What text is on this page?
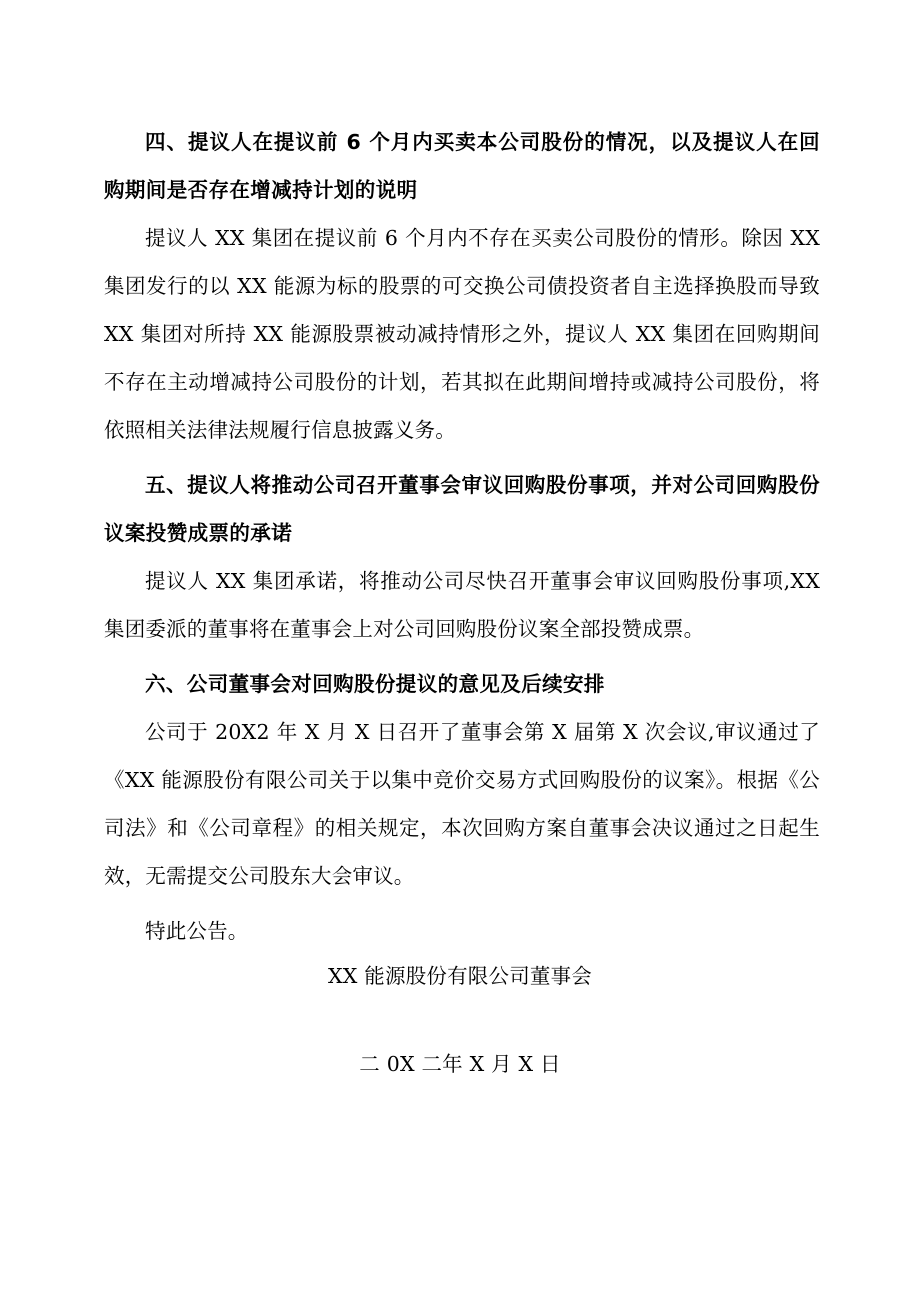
四、提议人在提议前 6 个月内买卖本公司股份的情况，以及提议人在回购期间是否存在增减持计划的说明

提议人 XX 集团在提议前 6 个月内不存在买卖公司股份的情形。除因 XX 集团发行的以 XX 能源为标的股票的可交换公司债投资者自主选择换股而导致 XX 集团对所持 XX 能源股票被动减持情形之外，提议人 XX 集团在回购期间不存在主动增减持公司股份的计划，若其拟在此期间增持或减持公司股份，将依照相关法律法规履行信息披露义务。

五、提议人将推动公司召开董事会审议回购股份事项，并对公司回购股份议案投赞成票的承诺

提议人 XX 集团承诺，将推动公司尽快召开董事会审议回购股份事项,XX 集团委派的董事将在董事会上对公司回购股份议案全部投赞成票。

六、公司董事会对回购股份提议的意见及后续安排

公司于 20X2 年 X 月 X 日召开了董事会第 X 届第 X 次会议,审议通过了《XX 能源股份有限公司关于以集中竞价交易方式回购股份的议案》。根据《公司法》和《公司章程》的相关规定，本次回购方案自董事会决议通过之日起生效，无需提交公司股东大会审议。

特此公告。

XX 能源股份有限公司董事会
二 0X 二年 X 月 X 日
